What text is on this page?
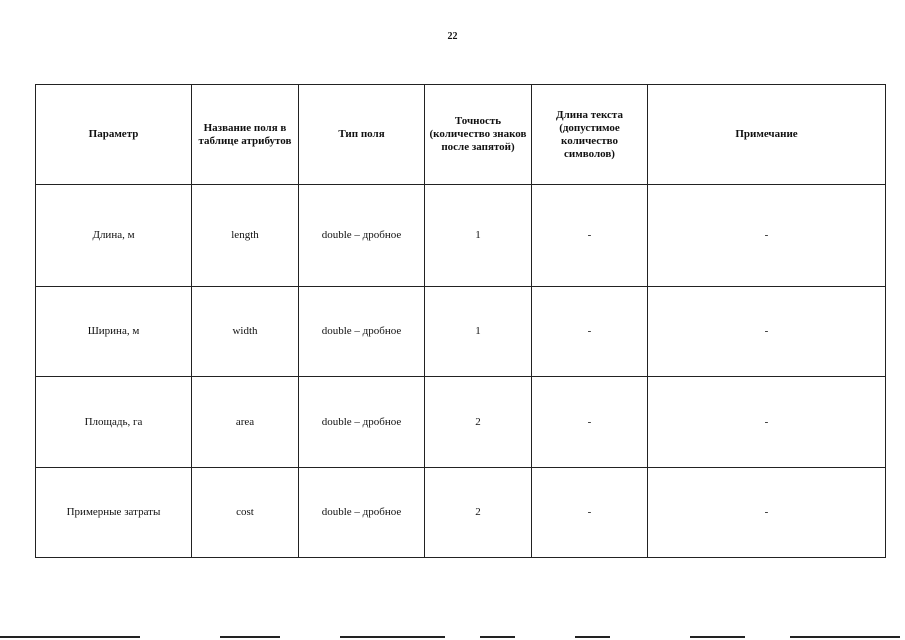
22
Параметр	Название поля в таблице атрибутов	Тип поля	Точность (количество знаков после запятой)	Длина текста (допустимое количество символов)	Примечание
Длина, м	length	double – дробное	1	-	-
Ширина, м	width	double – дробное	1	-	-
Площадь, га	area	double – дробное	2	-	-
Примерные затраты	cost	double – дробное	2	-	-
